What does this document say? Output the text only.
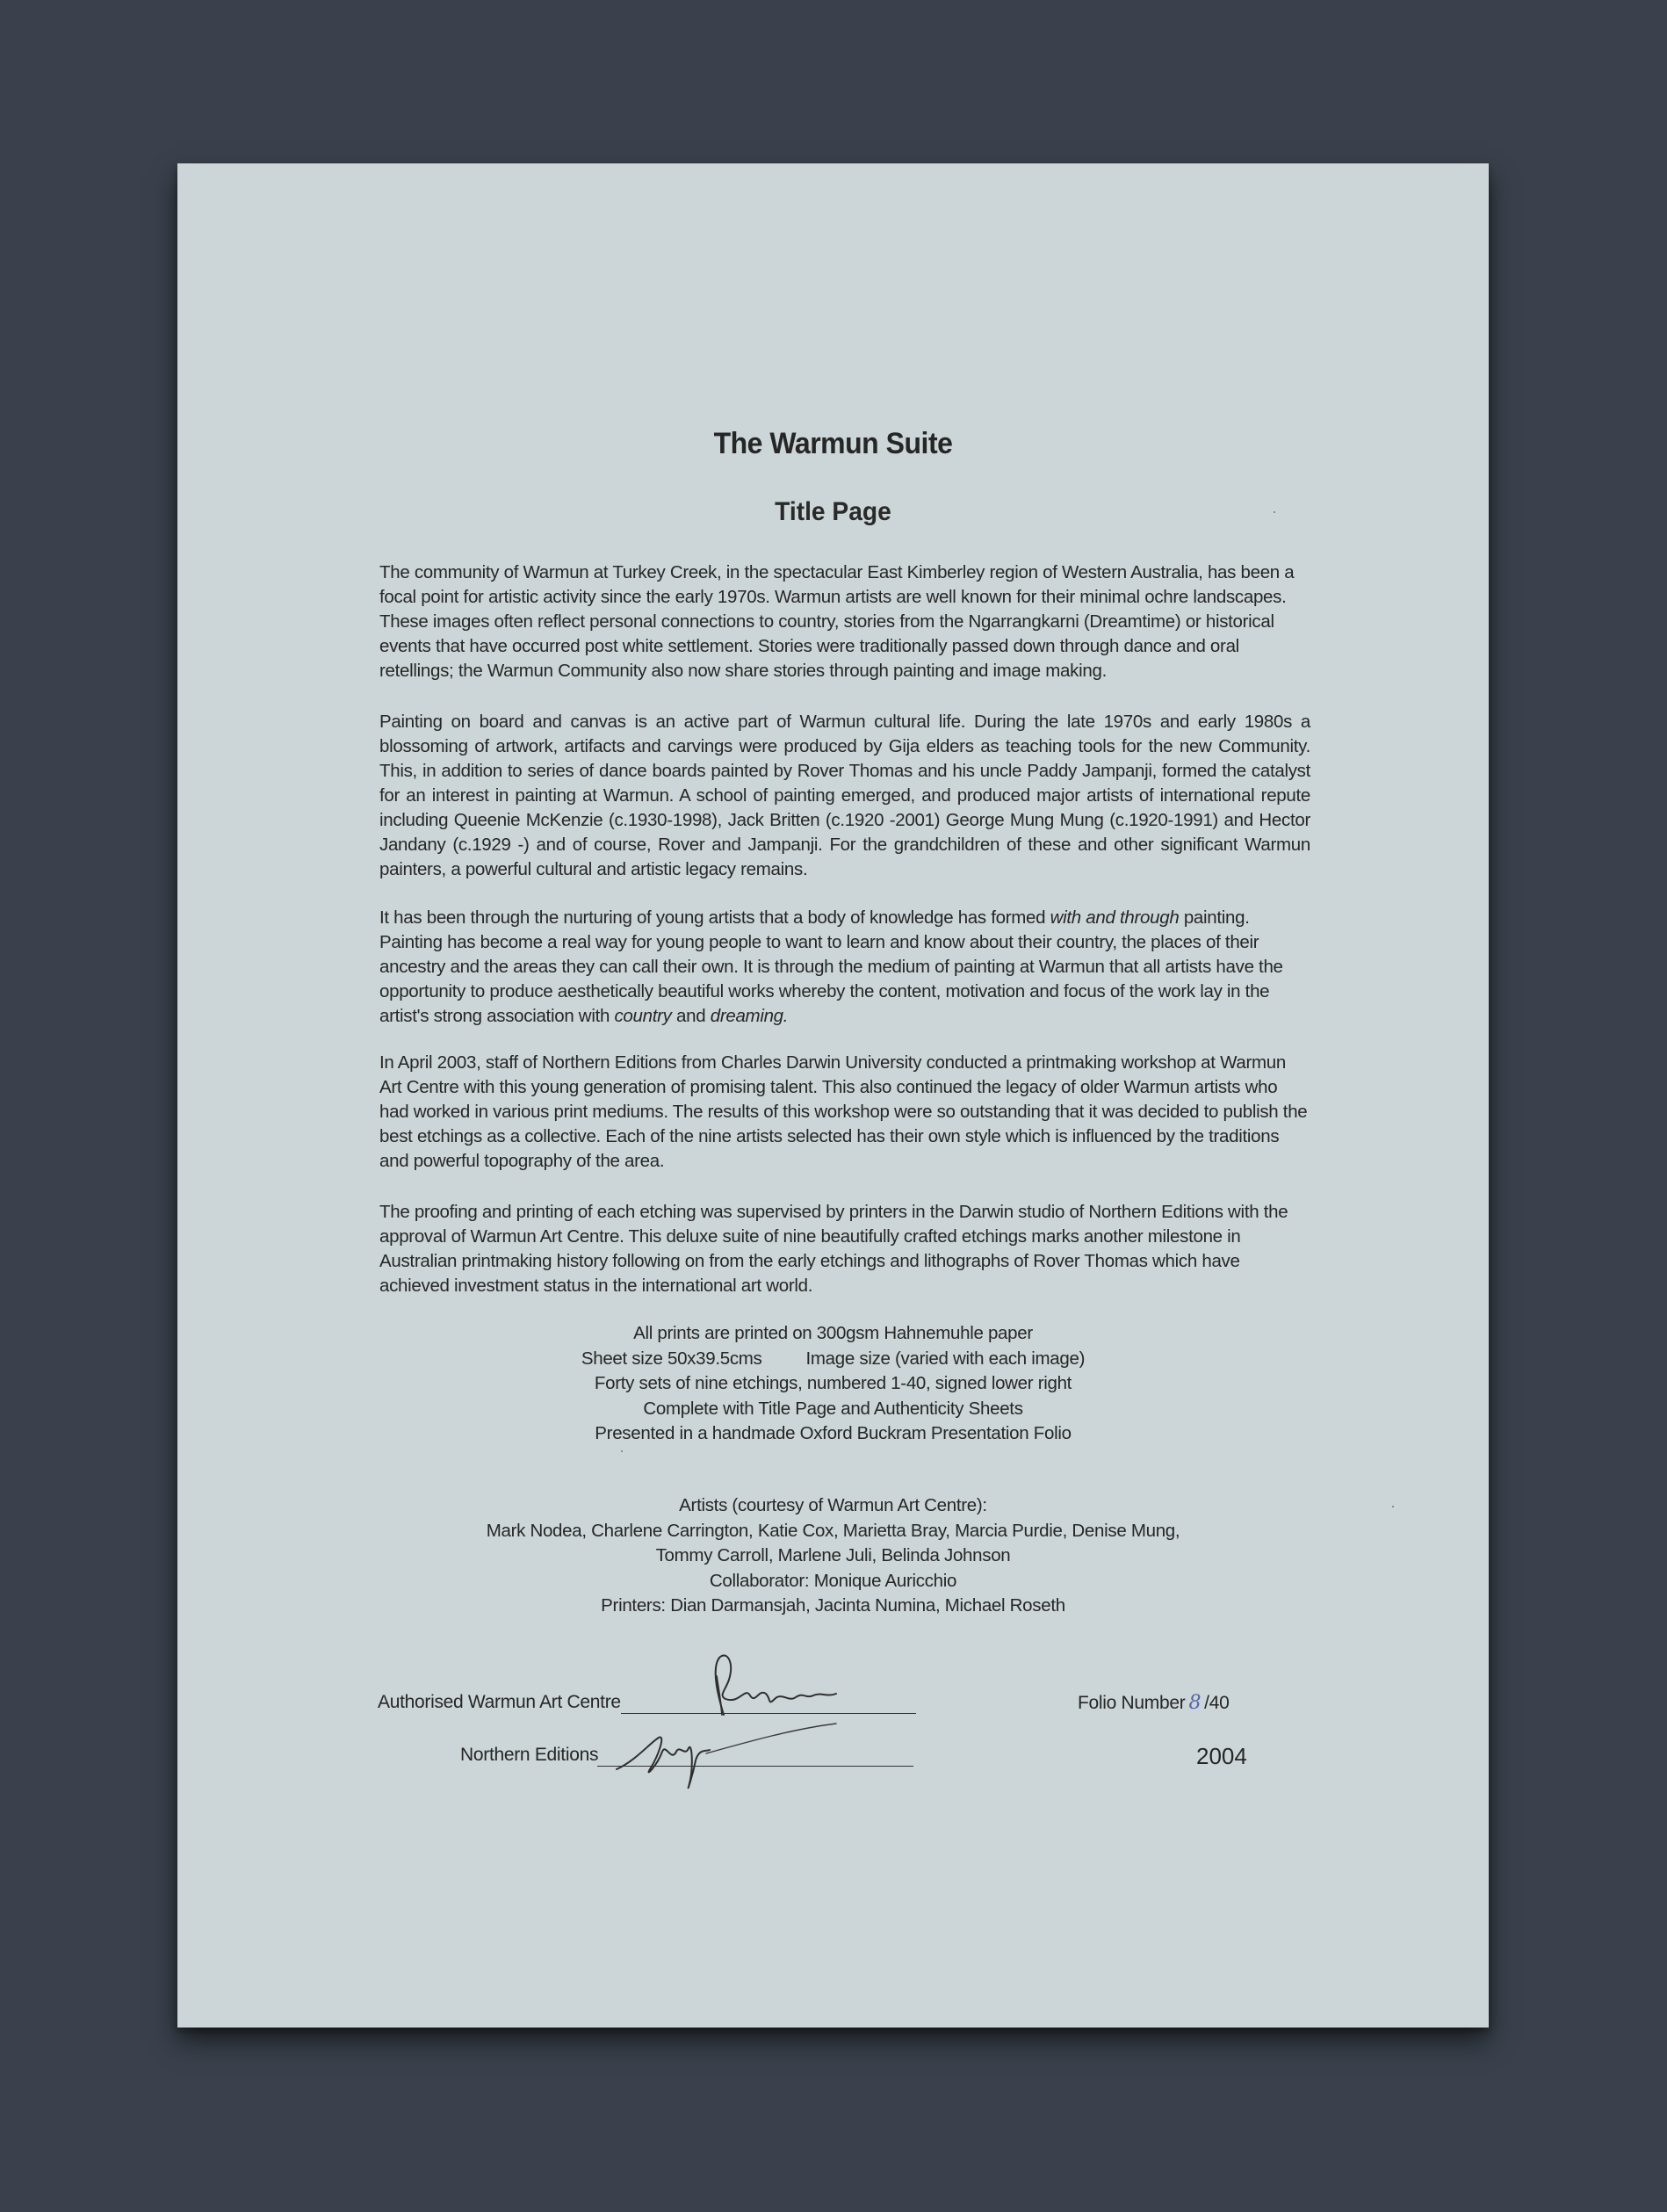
The Warmun Suite
Title Page

The community of Warmun at Turkey Creek, in the spectacular East Kimberley region of Western Australia, has been a focal point for artistic activity since the early 1970s. Warmun artists are well known for their minimal ochre landscapes. These images often reflect personal connections to country, stories from the Ngarrangkarni (Dreamtime) or historical events that have occurred post white settlement. Stories were traditionally passed down through dance and oral retellings; the Warmun Community also now share stories through painting and image making.

Painting on board and canvas is an active part of Warmun cultural life. During the late 1970s and early 1980s a blossoming of artwork, artifacts and carvings were produced by Gija elders as teaching tools for the new Community. This, in addition to series of dance boards painted by Rover Thomas and his uncle Paddy Jampanji, formed the catalyst for an interest in painting at Warmun. A school of painting emerged, and produced major artists of international repute including Queenie McKenzie (c.1930-1998), Jack Britten (c.1920 -2001) George Mung Mung (c.1920-1991) and Hector Jandany (c.1929 -) and of course, Rover and Jampanji. For the grandchildren of these and other significant Warmun painters, a powerful cultural and artistic legacy remains.

It has been through the nurturing of young artists that a body of knowledge has formed with and through painting. Painting has become a real way for young people to want to learn and know about their country, the places of their ancestry and the areas they can call their own. It is through the medium of painting at Warmun that all artists have the opportunity to produce aesthetically beautiful works whereby the content, motivation and focus of the work lay in the artist's strong association with country and dreaming.

In April 2003, staff of Northern Editions from Charles Darwin University conducted a printmaking workshop at Warmun Art Centre with this young generation of promising talent. This also continued the legacy of older Warmun artists who had worked in various print mediums. The results of this workshop were so outstanding that it was decided to publish the best etchings as a collective. Each of the nine artists selected has their own style which is influenced by the traditions and powerful topography of the area.

The proofing and printing of each etching was supervised by printers in the Darwin studio of Northern Editions with the approval of Warmun Art Centre. This deluxe suite of nine beautifully crafted etchings marks another milestone in Australian printmaking history following on from the early etchings and lithographs of Rover Thomas which have achieved investment status in the international art world.

All prints are printed on 300gsm Hahnemuhle paper
Sheet size 50x39.5cms Image size (varied with each image)
Forty sets of nine etchings, numbered 1-40, signed lower right
Complete with Title Page and Authenticity Sheets
Presented in a handmade Oxford Buckram Presentation Folio
Artists (courtesy of Warmun Art Centre):
Mark Nodea, Charlene Carrington, Katie Cox, Marietta Bray, Marcia Purdie, Denise Mung,
Tommy Carroll, Marlene Juli, Belinda Johnson
Collaborator: Monique Auricchio
Printers: Dian Darmansjah, Jacinta Numina, Michael Roseth
Authorised Warmun Art Centre
Northern Editions
Folio Number 8 /40
2004
